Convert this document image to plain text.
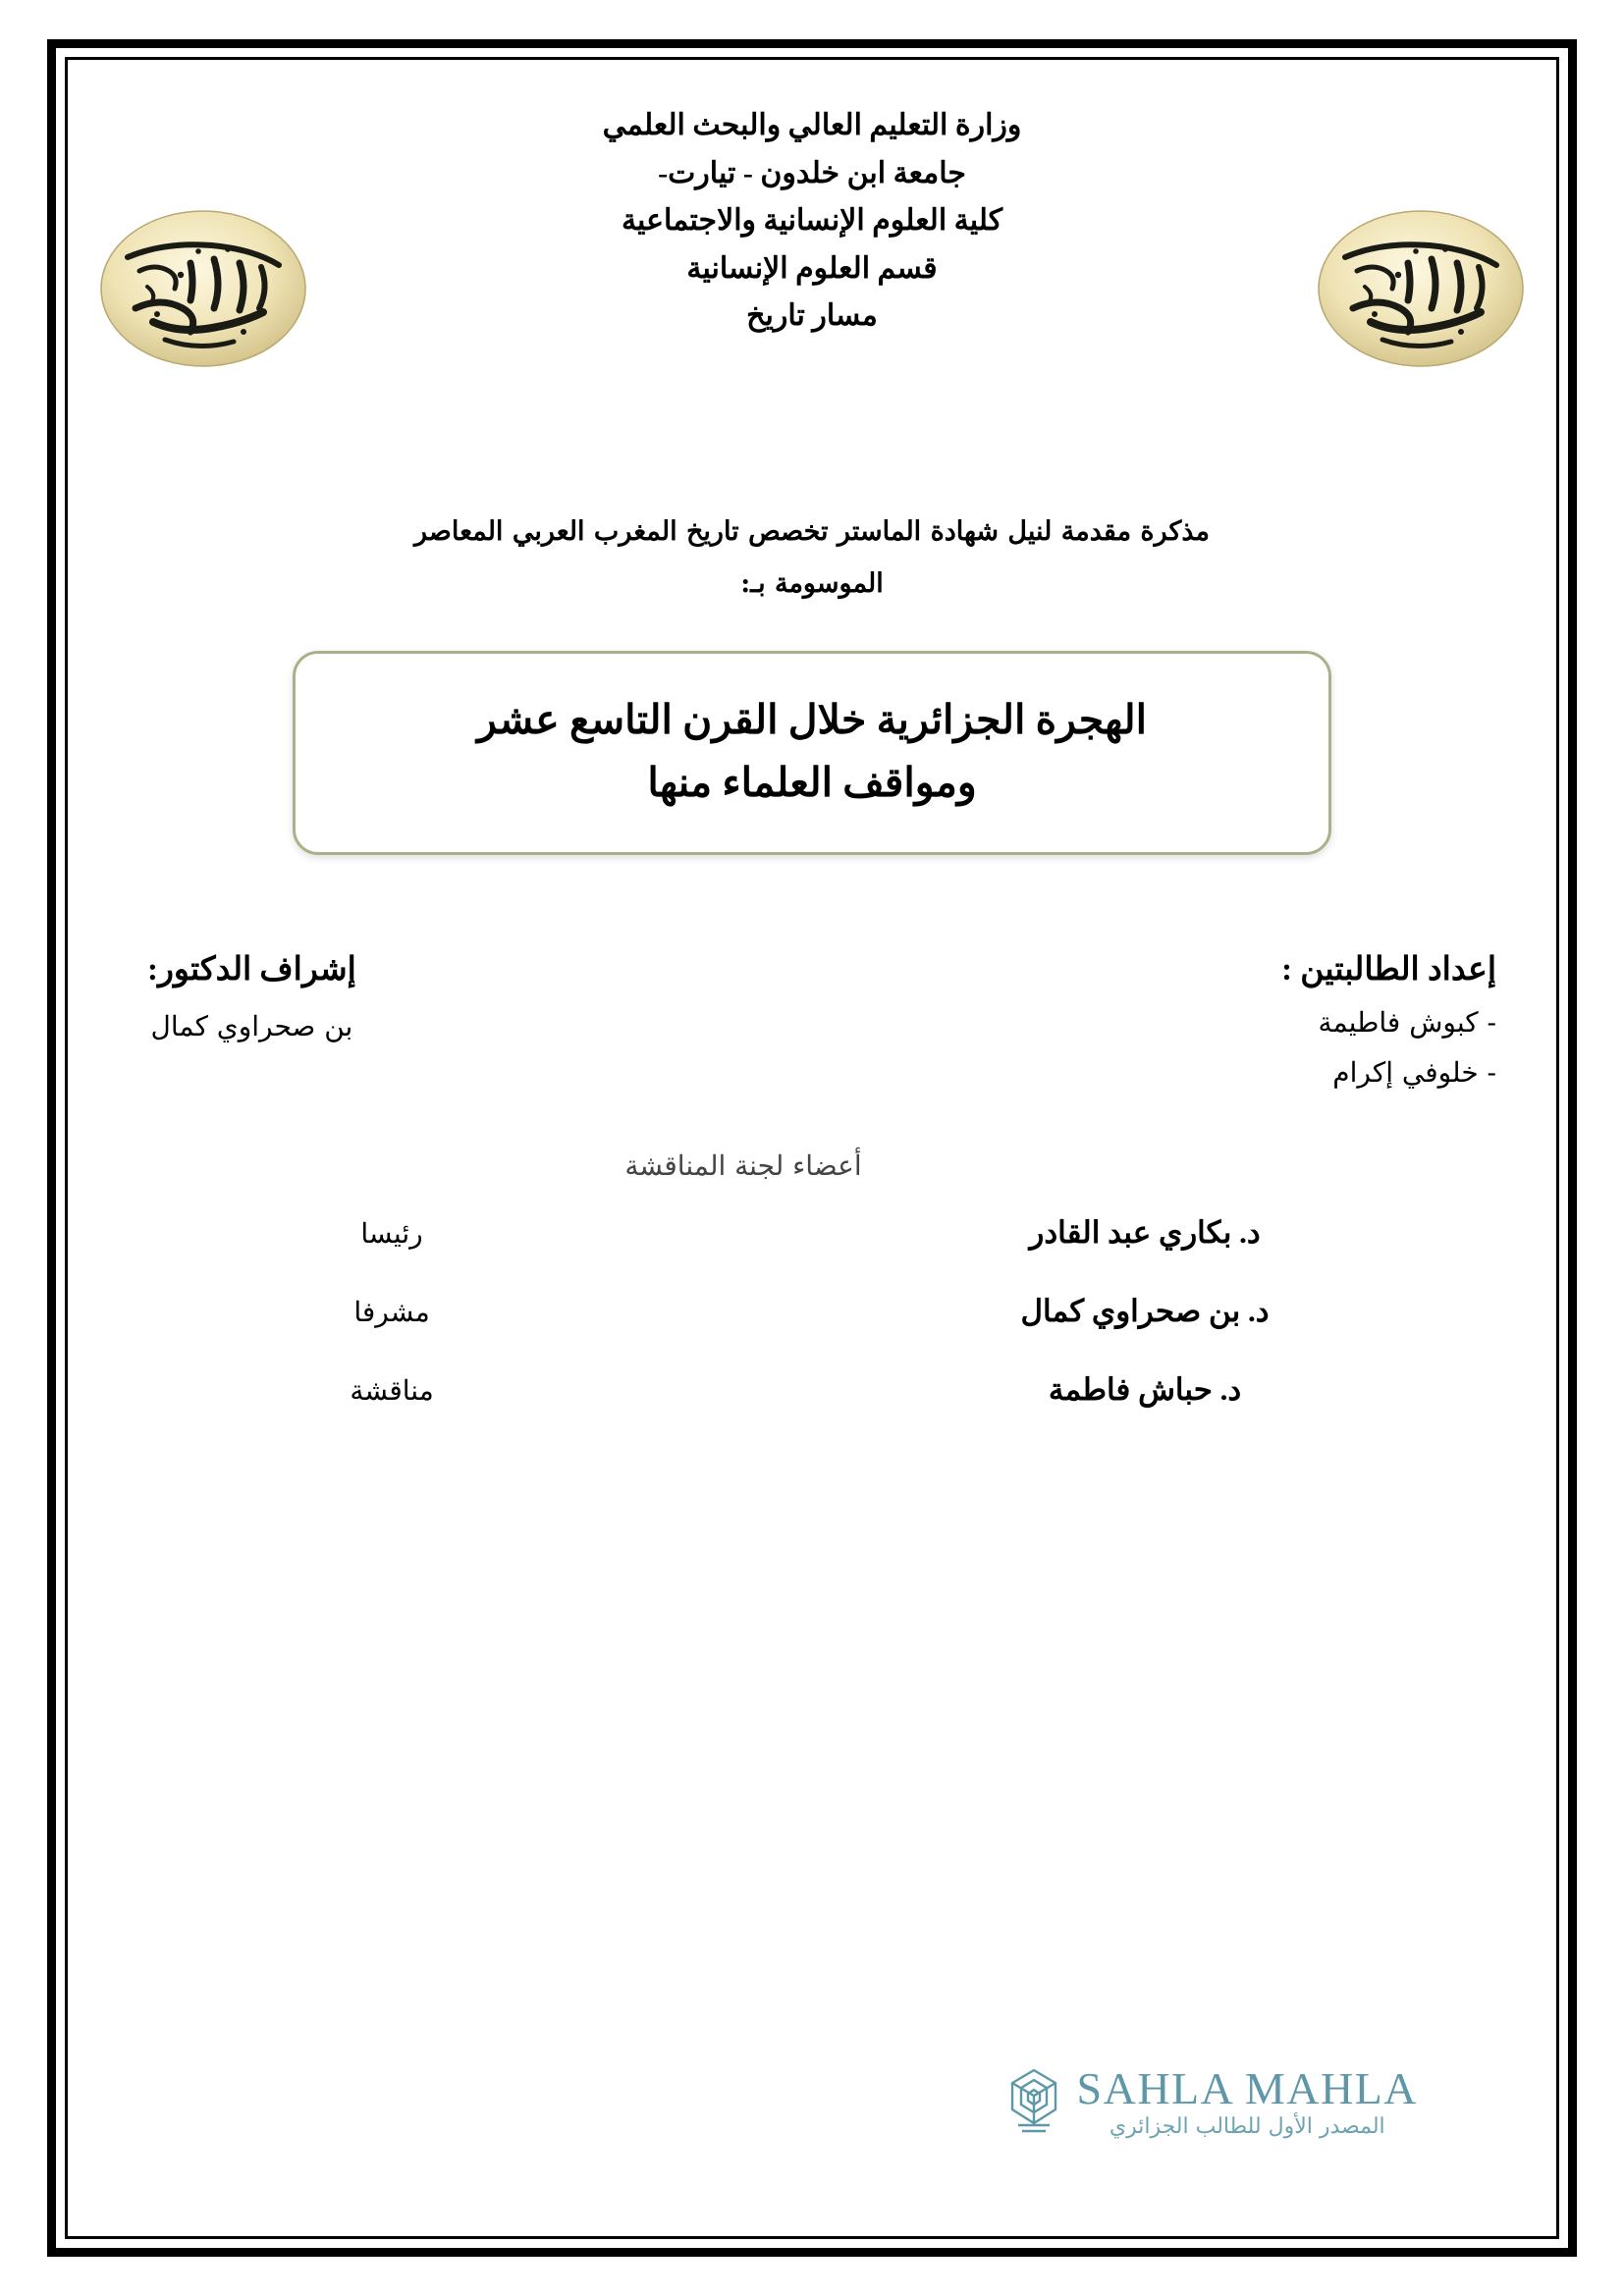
وزارة التعليم العالي والبحث العلمي
جامعة ابن خلدون - تيارت-
كلية العلوم الإنسانية والاجتماعية
قسم العلوم الإنسانية
مسار تاريخ
مذكرة مقدمة لنيل شهادة الماستر تخصص تاريخ المغرب العربي المعاصر
الموسومة بـ:
الهجرة الجزائرية خلال القرن التاسع عشر
ومواقف العلماء منها
إعداد الطالبتين :
- كبوش فاطيمة
- خلوفي إكرام
إشراف الدكتور:
بن صحراوي كمال
أعضاء لجنة المناقشة
د. بكاري عبد القادر
رئيسا
د. بن صحراوي كمال
مشرفا
د. حباش فاطمة
مناقشة
SAHLA MAHLA
المصدر الأول للطالب الجزائري
